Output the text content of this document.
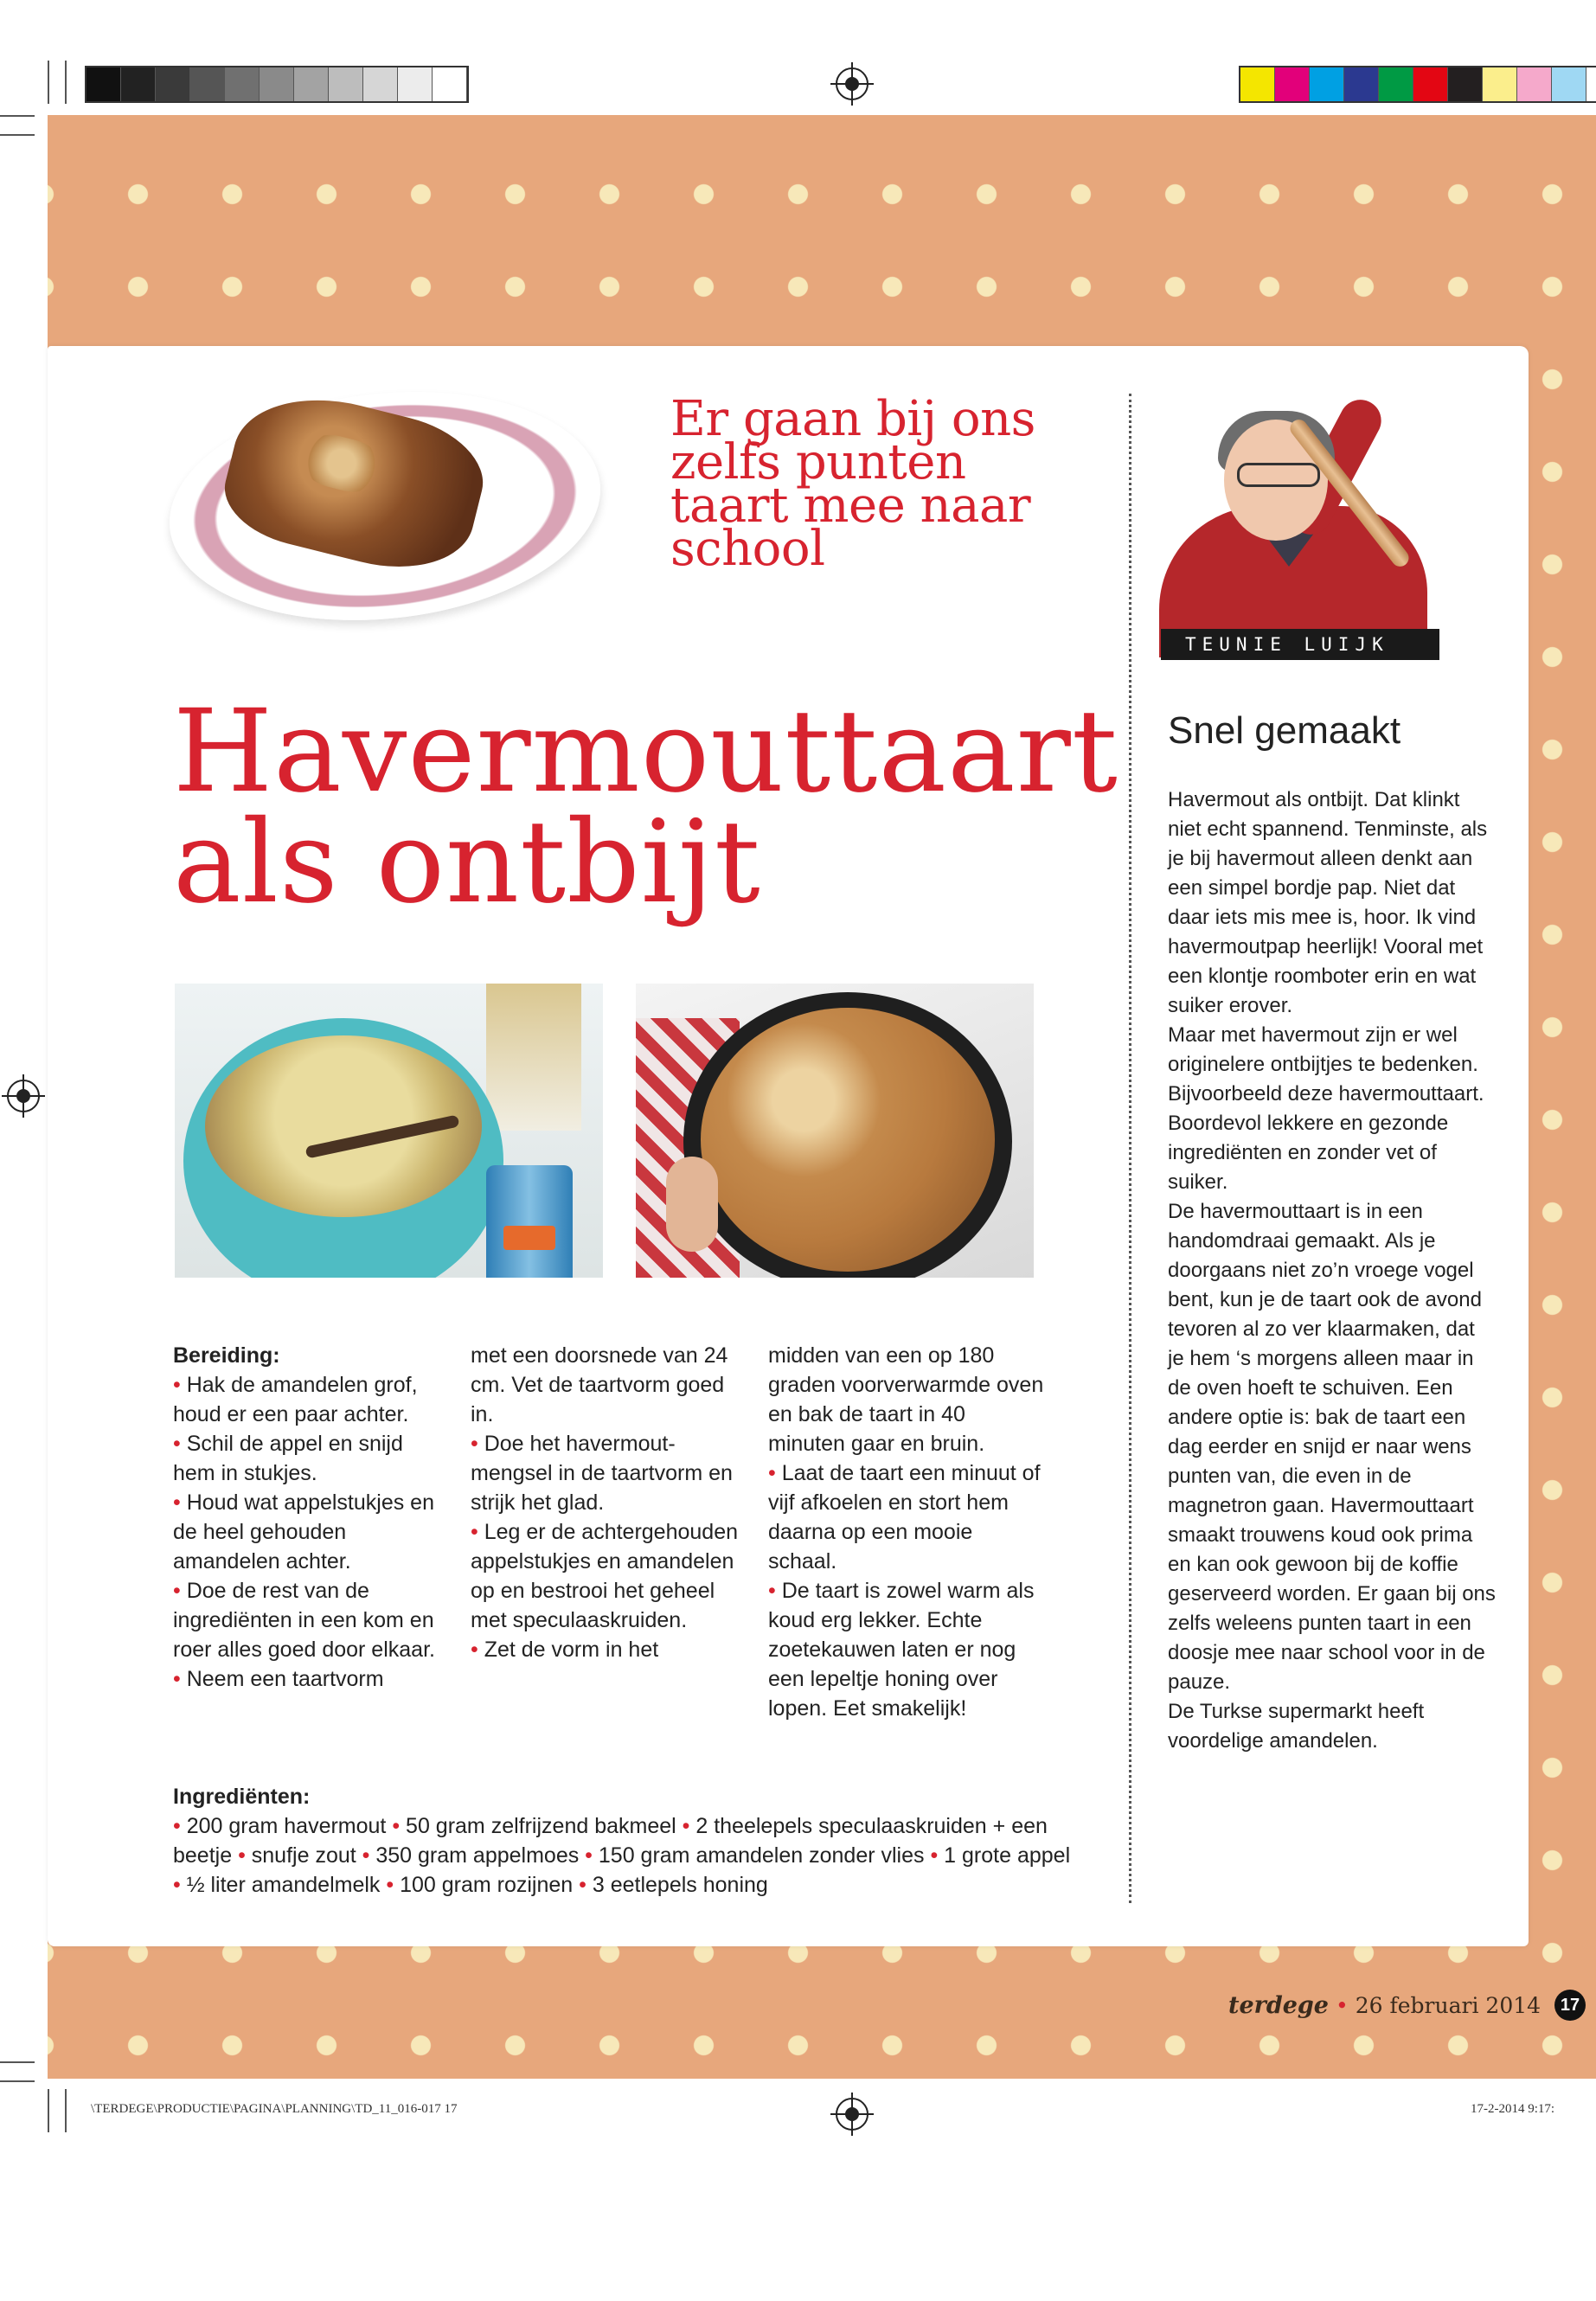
Er gaan bij ons zelfs punten taart mee naar school
TEUNIE LUIJK
Havermouttaart
als ontbijt

Bereiding:

• Hak de amandelen grof, houd er een paar achter.

• Schil de appel en snijd hem in stukjes.

• Houd wat appelstukjes en de heel gehouden amandelen achter.

• Doe de rest van de ingrediënten in een kom en roer alles goed door elkaar.

• Neem een taartvorm

met een doorsnede van 24 cm. Vet de taartvorm goed in.

• Doe het havermout-mengsel in de taartvorm en strijk het glad.

• Leg er de achtergehouden appelstukjes en amandelen op en bestrooi het geheel met speculaaskruiden.

• Zet de vorm in het

midden van een op 180 graden voorverwarmde oven en bak de taart in 40 minuten gaar en bruin.

• Laat de taart een minuut of vijf afkoelen en stort hem daarna op een mooie schaal.

• De taart is zowel warm als koud erg lekker. Echte zoetekauwen laten er nog een lepeltje honing over lopen. Eet smakelijk!

Ingrediënten:
• 200 gram havermout • 50 gram zelfrijzend bakmeel • 2 theelepels speculaaskruiden + een beetje • snufje zout • 350 gram appelmoes • 150 gram amandelen zonder vlies • 1 grote appel • ½ liter amandelmelk • 100 gram rozijnen • 3 eetlepels honing
Snel gemaakt

Havermout als ontbijt. Dat klinkt niet echt spannend. Tenminste, als je bij havermout alleen denkt aan een simpel bordje pap. Niet dat daar iets mis mee is, hoor. Ik vind havermoutpap heerlijk! Vooral met een klontje roomboter erin en wat suiker erover.

Maar met havermout zijn er wel originelere ontbijtjes te bedenken. Bijvoorbeeld deze havermouttaart. Boordevol lekkere en gezonde ingrediënten en zonder vet of suiker.

De havermouttaart is in een handomdraai gemaakt. Als je doorgaans niet zo’n vroege vogel bent, kun je de taart ook de avond tevoren al zo ver klaarmaken, dat je hem ‘s morgens alleen maar in de oven hoeft te schuiven. Een andere optie is: bak de taart een dag eerder en snijd er naar wens punten van, die even in de magnetron gaan. Havermouttaart smaakt trouwens koud ook prima en kan ook gewoon bij de koffie geserveerd worden. Er gaan bij ons zelfs weleens punten taart in een doosje mee naar school voor in de pauze.

De Turkse supermarkt heeft voordelige amandelen.

terdege • 26 februari 2014	17
\TERDEGE\PRODUCTIE\PAGINA\PLANNING\TD_11_016-017 17	17-2-2014 9:17:
